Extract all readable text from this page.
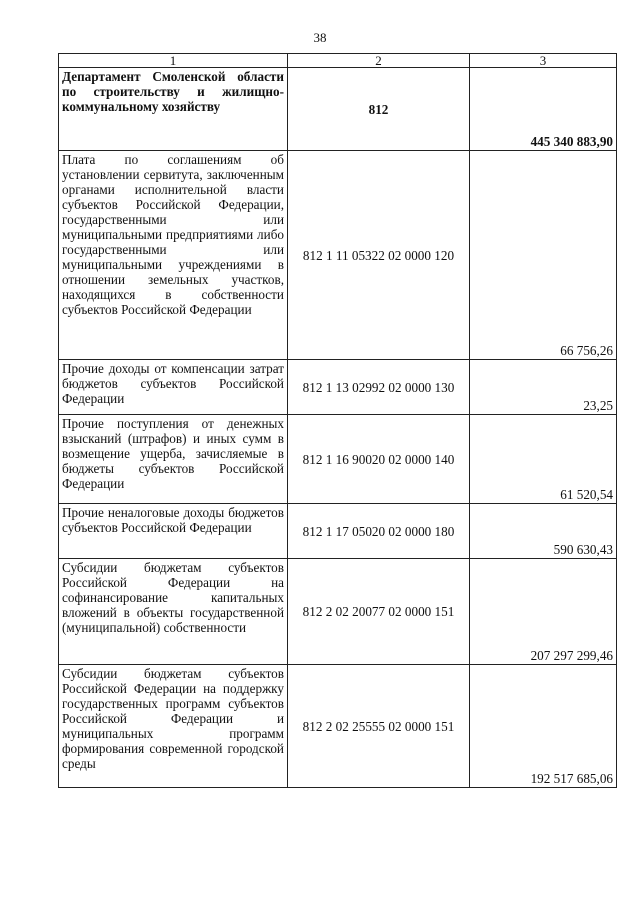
38
1	2	3
Департамент Смоленской области по строительству и жилищно-коммунальному хозяйству	812	445 340 883,90
Плата по соглашениям об установлении сервитута, заключенным органами исполнительной власти субъектов Российской Федерации, государственными или муниципальными предприятиями либо государственными или муниципальными учреждениями в отношении земельных участков, находящихся в собственности субъектов Российской Федерации	812 1 11 05322 02 0000 120	66 756,26
Прочие доходы от компенсации затрат бюджетов субъектов Российской Федерации	812 1 13 02992 02 0000 130	23,25
Прочие поступления от денежных взысканий (штрафов) и иных сумм в возмещение ущерба, зачисляемые в бюджеты субъектов Российской Федерации	812 1 16 90020 02 0000 140	61 520,54
Прочие неналоговые доходы бюджетов субъектов Российской Федерации	812 1 17 05020 02 0000 180	590 630,43
Субсидии бюджетам субъектов Российской Федерации на софинансирование капитальных вложений в объекты государственной (муниципальной) собственности	812 2 02 20077 02 0000 151	207 297 299,46
Субсидии бюджетам субъектов Российской Федерации на поддержку государственных программ субъектов Российской Федерации и муниципальных программ формирования современной городской среды	812 2 02 25555 02 0000 151	192 517 685,06
